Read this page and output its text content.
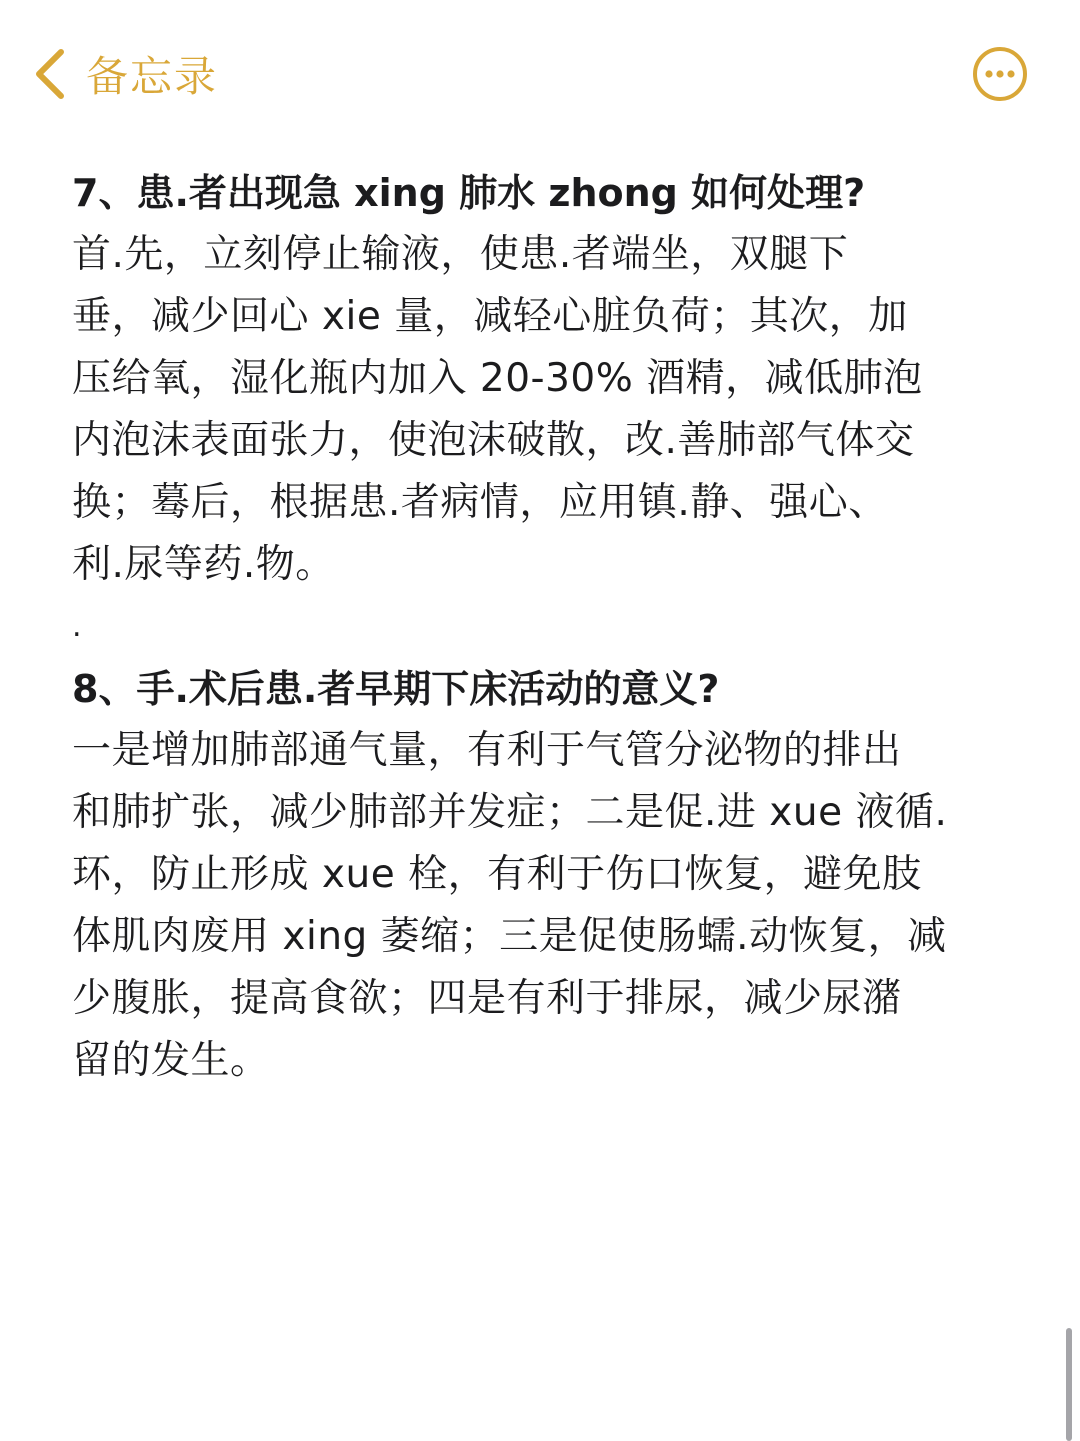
备忘录

7、患.者出现急 xing 肺水 zhong 如何处理?

首.先，立刻停止输液，使患.者端坐，双腿下
垂，减少回心 xie 量，减轻心脏负荷；其次，加
压给氧，湿化瓶内加入 20-30% 酒精，减低肺泡
内泡沫表面张力，使泡沫破散，改.善肺部气体交
换；蓦后，根据患.者病情，应用镇.静、强心、
利.尿等药.物。

.

8、手.术后患.者早期下床活动的意义?

一是增加肺部通气量，有利于气管分泌物的排出
和肺扩张，减少肺部并发症；二是促.进 xue 液循.
环，防止形成 xue 栓，有利于伤口恢复，避免肢
体肌肉废用 xing 萎缩；三是促使肠蠕.动恢复，减
少腹胀，提高食欲；四是有利于排尿，减少尿潴
留的发生。
